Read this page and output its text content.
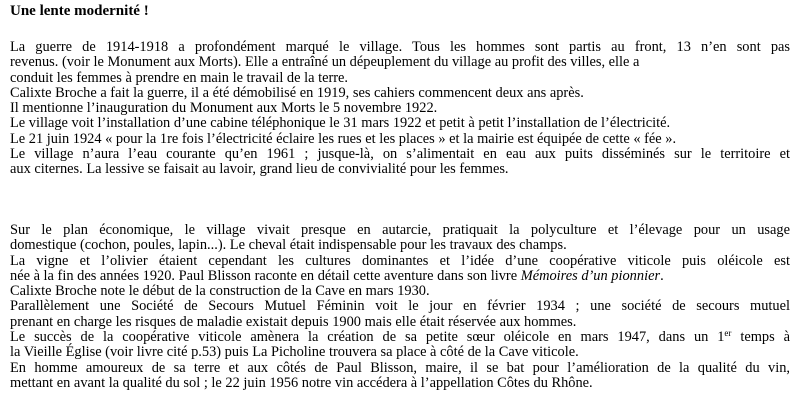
Une lente modernité !
La guerre de 1914-1918 a profondément marqué le village. Tous les hommes sont partis au front, 13 n’en sont pas
revenus. (voir le Monument aux Morts). Elle a entraîné un dépeuplement du village au profit des villes, elle a
conduit les femmes à prendre en main le travail de la terre.
Calixte Broche a fait la guerre, il a été démobilisé en 1919, ses cahiers commencent deux ans après.
Il mentionne l’inauguration du Monument aux Morts le 5 novembre 1922.
Le village voit l’installation d’une cabine téléphonique le 31 mars 1922 et petit à petit l’installation de l’électricité.
Le 21 juin 1924 « pour la 1re fois l’électricité éclaire les rues et les places » et la mairie est équipée de cette « fée ».
Le village n’aura l’eau courante qu’en 1961 ; jusque-là, on s’alimentait en eau aux puits disséminés sur le territoire et
aux citernes. La lessive se faisait au lavoir, grand lieu de convivialité pour les femmes.
Sur le plan économique, le village vivait presque en autarcie, pratiquait la polyculture et l’élevage pour un usage
domestique (cochon, poules, lapin...). Le cheval était indispensable pour les travaux des champs.
La vigne et l’olivier étaient cependant les cultures dominantes et l’idée d’une coopérative viticole puis oléicole est
née à la fin des années 1920. Paul Blisson raconte en détail cette aventure dans son livre Mémoires d’un pionnier.
Calixte Broche note le début de la construction de la Cave en mars 1930.
Parallèlement une Société de Secours Mutuel Féminin voit le jour en février 1934 ; une société de secours mutuel
prenant en charge les risques de maladie existait depuis 1900 mais elle était réservée aux hommes.
Le succès de la coopérative viticole amènera la création de sa petite sœur oléicole en mars 1947, dans un 1er temps à
la Vieille Église (voir livre cité p.53) puis La Picholine trouvera sa place à côté de la Cave viticole.
En homme amoureux de sa terre et aux côtés de Paul Blisson, maire, il se bat pour l’amélioration de la qualité du vin,
mettant en avant la qualité du sol ; le 22 juin 1956 notre vin accédera à l’appellation Côtes du Rhône.
